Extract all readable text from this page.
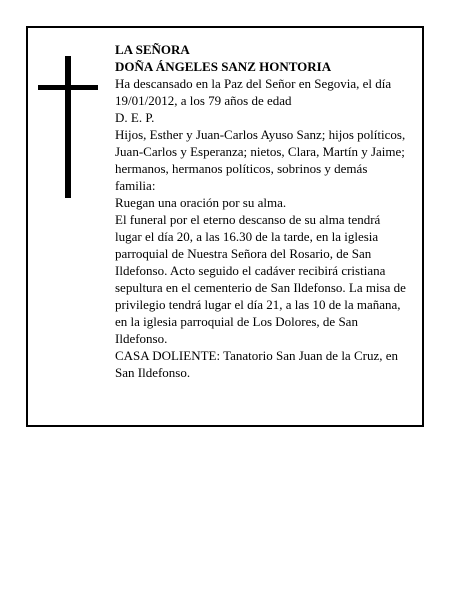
LA SEÑORA

DOÑA ÁNGELES SANZ HONTORIA

Ha descansado en la Paz del Señor en Segovia, el día

19/01/2012, a los 79 años de edad

D. E. P.

Hijos, Esther y Juan-Carlos Ayuso Sanz; hijos políticos,

Juan-Carlos y Esperanza; nietos, Clara, Martín y Jaime;

hermanos, hermanos políticos, sobrinos y demás

familia:

Ruegan una oración por su alma.

El funeral por el eterno descanso de su alma tendrá

lugar el día 20, a las 16.30 de la tarde, en la iglesia

parroquial de Nuestra Señora del Rosario, de San

Ildefonso. Acto seguido el cadáver recibirá cristiana

sepultura en el cementerio de San Ildefonso. La misa de

privilegio tendrá lugar el día 21, a las 10 de la mañana,

en la iglesia parroquial de Los Dolores, de San

Ildefonso.

CASA DOLIENTE: Tanatorio San Juan de la Cruz, en

San Ildefonso.
